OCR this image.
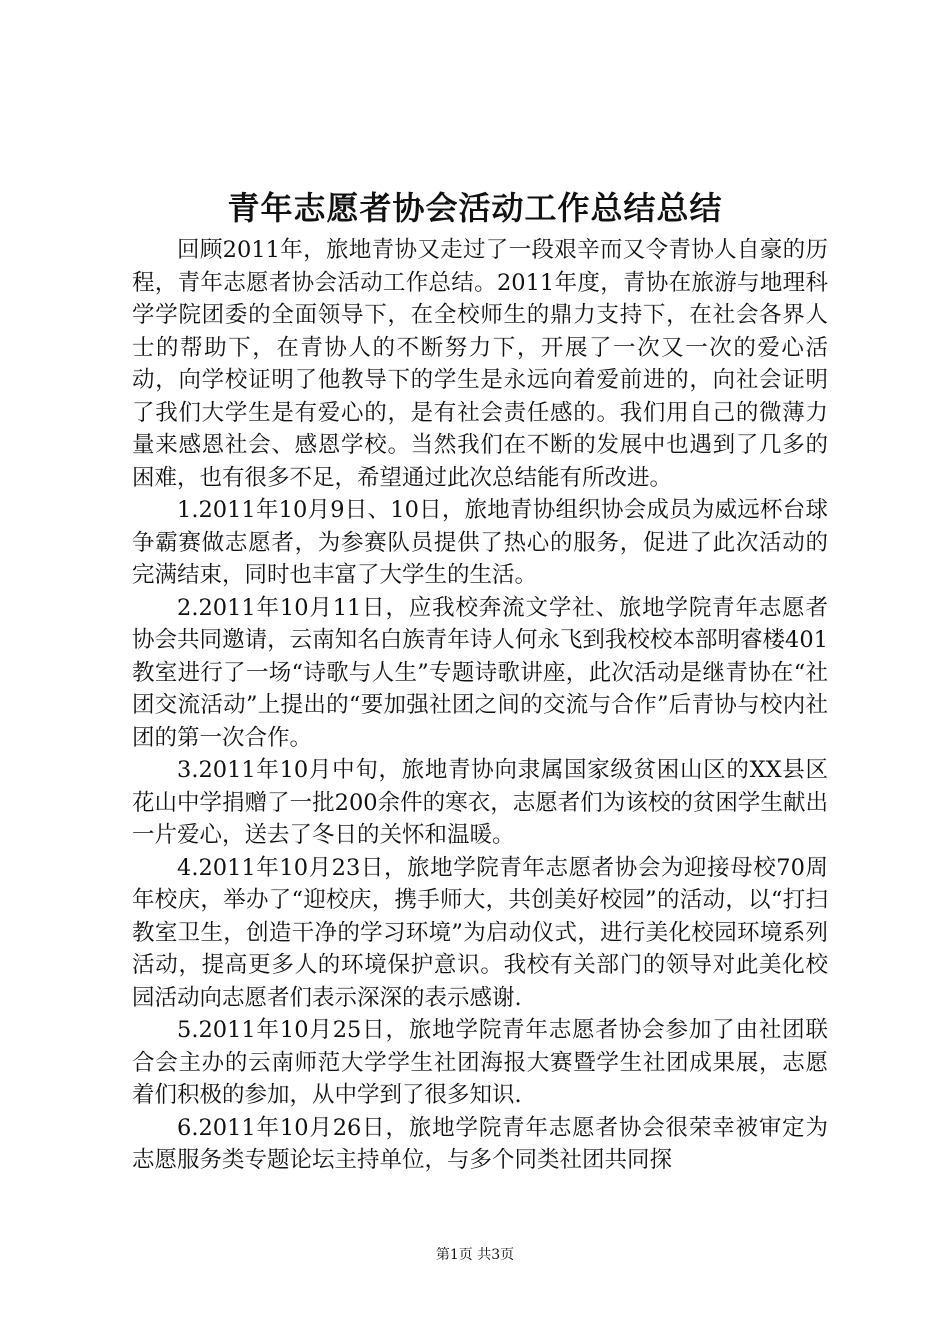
青年志愿者协会活动工作总结总结

回顾2011年，旅地青协又走过了一段艰辛而又令青协人自豪的历程，青年志愿者协会活动工作总结。2011年度，青协在旅游与地理科学学院团委的全面领导下，在全校师生的鼎力支持下，在社会各界人士的帮助下，在青协人的不断努力下，开展了一次又一次的爱心活动，向学校证明了他教导下的学生是永远向着爱前进的，向社会证明了我们大学生是有爱心的，是有社会责任感的。我们用自己的微薄力量来感恩社会、感恩学校。当然我们在不断的发展中也遇到了几多的困难，也有很多不足，希望通过此次总结能有所改进。

1.2011年10月9日、10日，旅地青协组织协会成员为威远杯台球争霸赛做志愿者，为参赛队员提供了热心的服务，促进了此次活动的完满结束，同时也丰富了大学生的生活。

2.2011年10月11日，应我校奔流文学社、旅地学院青年志愿者协会共同邀请，云南知名白族青年诗人何永飞到我校校本部明睿楼401教室进行了一场“诗歌与人生”专题诗歌讲座，此次活动是继青协在“社团交流活动”上提出的“要加强社团之间的交流与合作”后青协与校内社团的第一次合作。

3.2011年10月中旬，旅地青协向隶属国家级贫困山区的XX县区花山中学捐赠了一批200余件的寒衣，志愿者们为该校的贫困学生献出一片爱心，送去了冬日的关怀和温暖。

4.2011年10月23日，旅地学院青年志愿者协会为迎接母校70周年校庆，举办了“迎校庆，携手师大，共创美好校园”的活动，以“打扫教室卫生，创造干净的学习环境”为启动仪式，进行美化校园环境系列活动，提高更多人的环境保护意识。我校有关部门的领导对此美化校园活动向志愿者们表示深深的表示感谢.

5.2011年10月25日，旅地学院青年志愿者协会参加了由社团联合会主办的云南师范大学学生社团海报大赛暨学生社团成果展，志愿着们积极的参加，从中学到了很多知识.

6.2011年10月26日，旅地学院青年志愿者协会很荣幸被审定为志愿服务类专题论坛主持单位，与多个同类社团共同探

第1页 共3页
